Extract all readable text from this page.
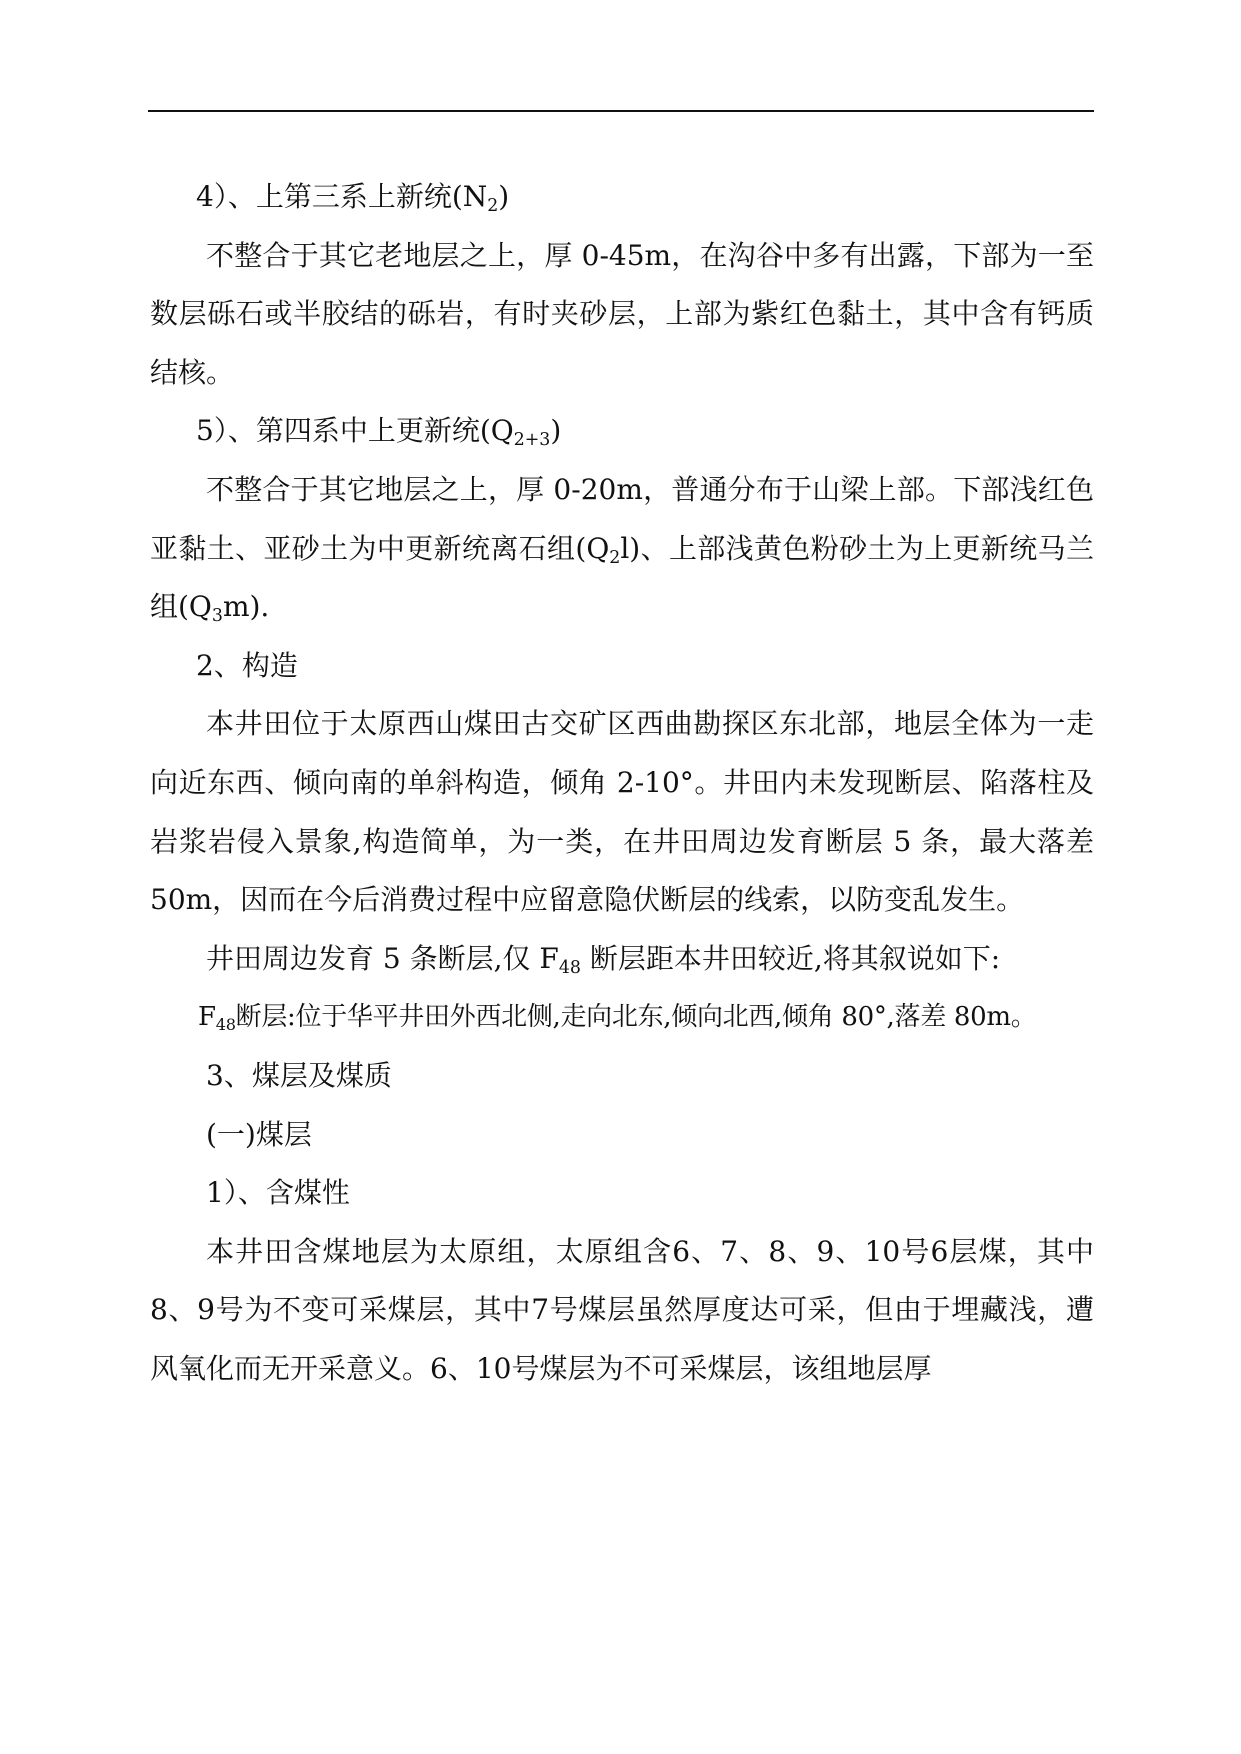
4）、上第三系上新统$(N_2)$

不整合于其它老地层之上，厚 0-45m，在沟谷中多有出露，下部为一至数层砾石或半胶结的砾岩，有时夹砂层，上部为紫红色黏土，其中含有钙质结核。

5）、第四系中上更新统$(Q_{2+3})$

不整合于其它地层之上，厚 0-20m，普通分布于山梁上部。下部浅红色亚黏土、亚砂土为中更新统离石组$(Q_2l)$、上部浅黄色粉砂土为上更新统马兰组$(Q_3m)$.

2、构造

本井田位于太原西山煤田古交矿区西曲勘探区东北部，地层全体为一走向近东西、倾向南的单斜构造，倾角 2-10°。井田内未发现断层、陷落柱及岩浆岩侵入景象,构造简单，为一类，在井田周边发育断层 5 条，最大落差 50m，因而在今后消费过程中应留意隐伏断层的线索，以防变乱发生。

井田周边发育 5 条断层,仅 $F_{48}$ 断层距本井田较近,将其叙说如下:

$F_{48}$断层:位于华平井田外西北侧,走向北东,倾向北西,倾角 80°,落差 80m。

3、煤层及煤质

(一)煤层

1）、含煤性

本井田含煤地层为太原组，太原组含6、7、8、9、10号6层煤，其中8、9号为不变可采煤层，其中7号煤层虽然厚度达可采，但由于埋藏浅，遭风氧化而无开采意义。6、10号煤层为不可采煤层，该组地层厚
